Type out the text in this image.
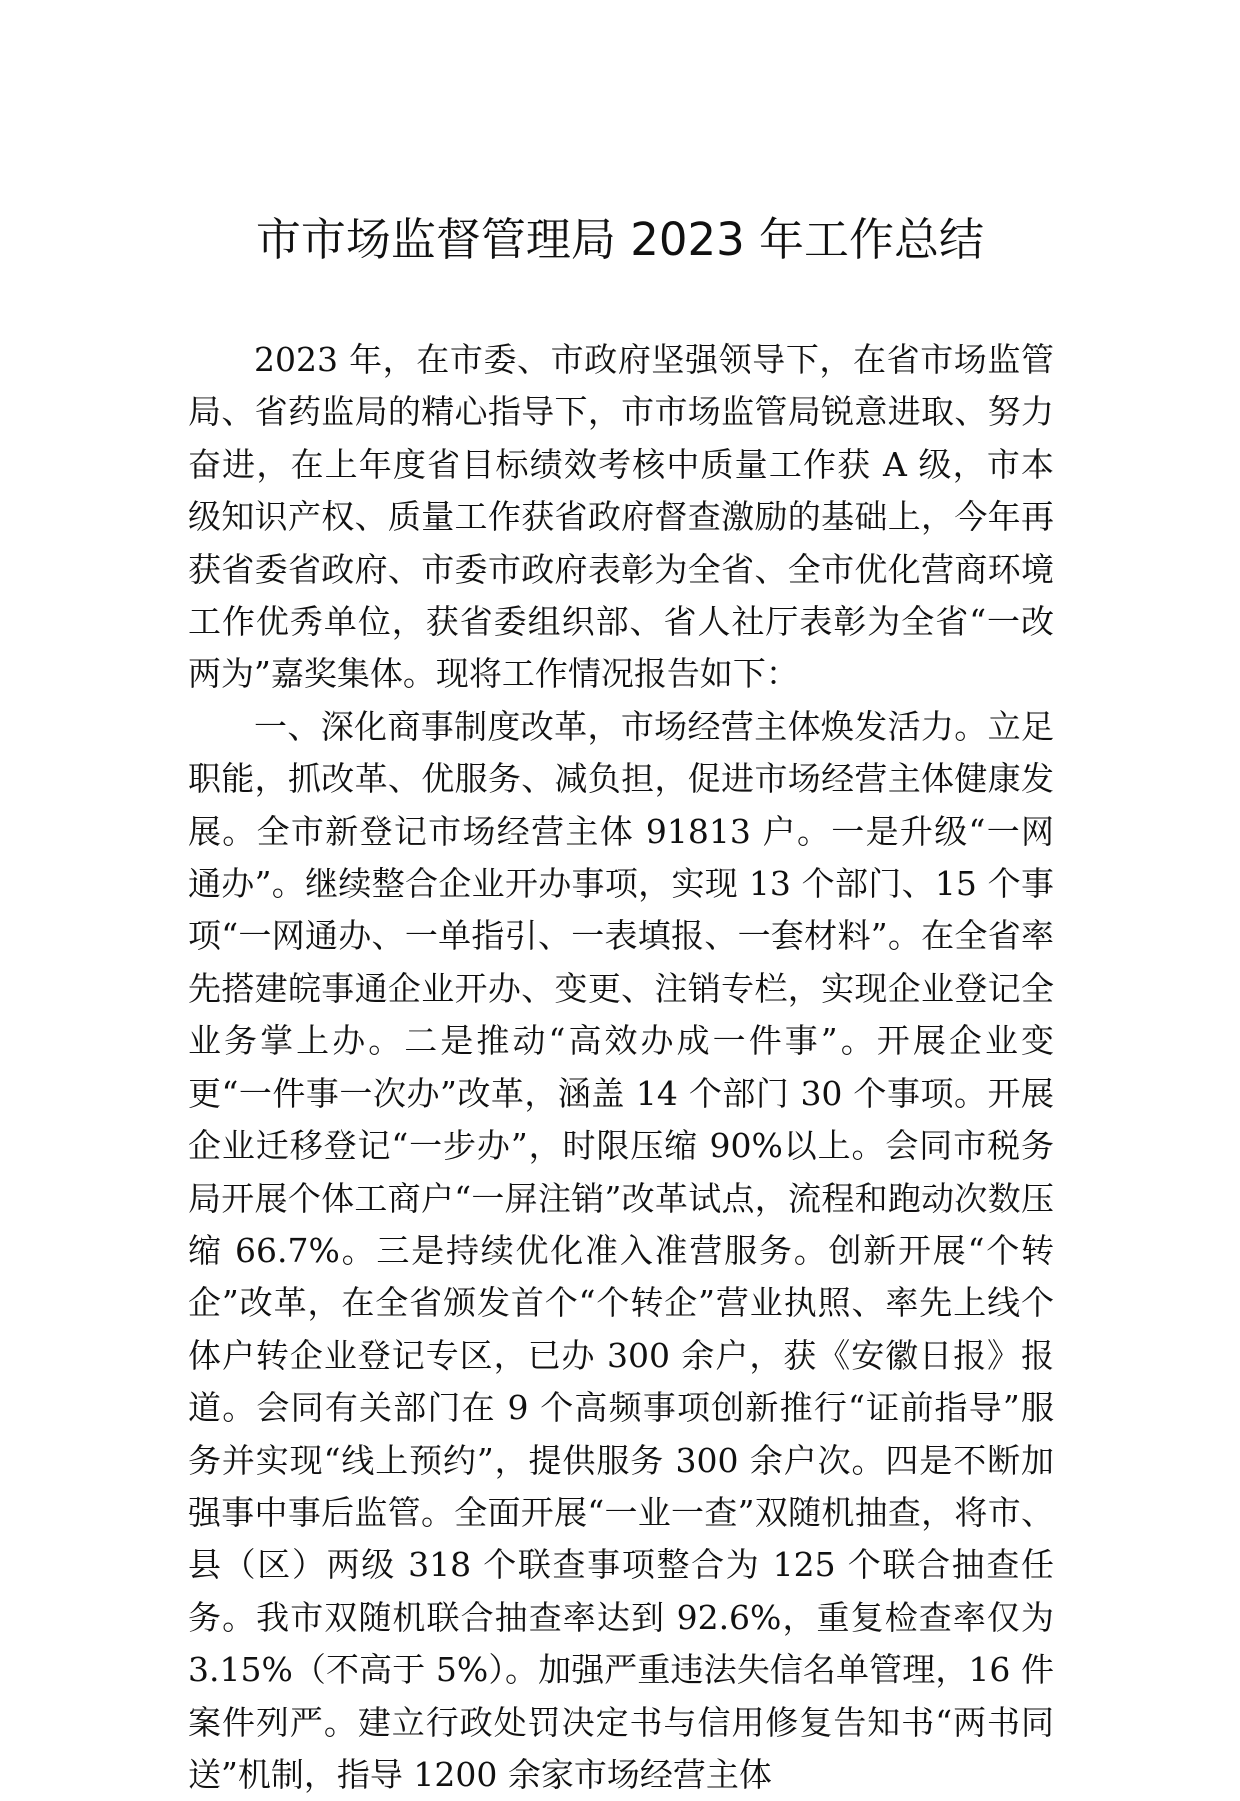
市市场监督管理局 2023 年工作总结

2023 年，在市委、市政府坚强领导下，在省市场监管局、省药监局的精心指导下，市市场监管局锐意进取、努力奋进，在上年度省目标绩效考核中质量工作获 A 级，市本级知识产权、质量工作获省政府督查激励的基础上，今年再获省委省政府、市委市政府表彰为全省、全市优化营商环境工作优秀单位，获省委组织部、省人社厅表彰为全省“一改两为”嘉奖集体。现将工作情况报告如下：

一、深化商事制度改革，市场经营主体焕发活力。立足职能，抓改革、优服务、减负担，促进市场经营主体健康发展。全市新登记市场经营主体 91813 户。一是升级“一网通办”。继续整合企业开办事项，实现 13 个部门、15 个事项“一网通办、一单指引、一表填报、一套材料”。在全省率先搭建皖事通企业开办、变更、注销专栏，实现企业登记全业务掌上办。二是推动“高效办成一件事”。开展企业变更“一件事一次办”改革，涵盖 14 个部门 30 个事项。开展企业迁移登记“一步办”，时限压缩 90%以上。会同市税务局开展个体工商户“一屏注销”改革试点，流程和跑动次数压缩 66.7%。三是持续优化准入准营服务。创新开展“个转企”改革，在全省颁发首个“个转企”营业执照、率先上线个体户转企业登记专区，已办 300 余户，获《安徽日报》报道。会同有关部门在 9 个高频事项创新推行“证前指导”服务并实现“线上预约”，提供服务 300 余户次。四是不断加强事中事后监管。全面开展“一业一查”双随机抽查，将市、县（区）两级 318 个联查事项整合为 125 个联合抽查任务。我市双随机联合抽查率达到 92.6%，重复检查率仅为 3.15%（不高于 5%）。加强严重违法失信名单管理，16 件案件列严。建立行政处罚决定书与信用修复告知书“两书同送”机制，指导 1200 余家市场经营主体
